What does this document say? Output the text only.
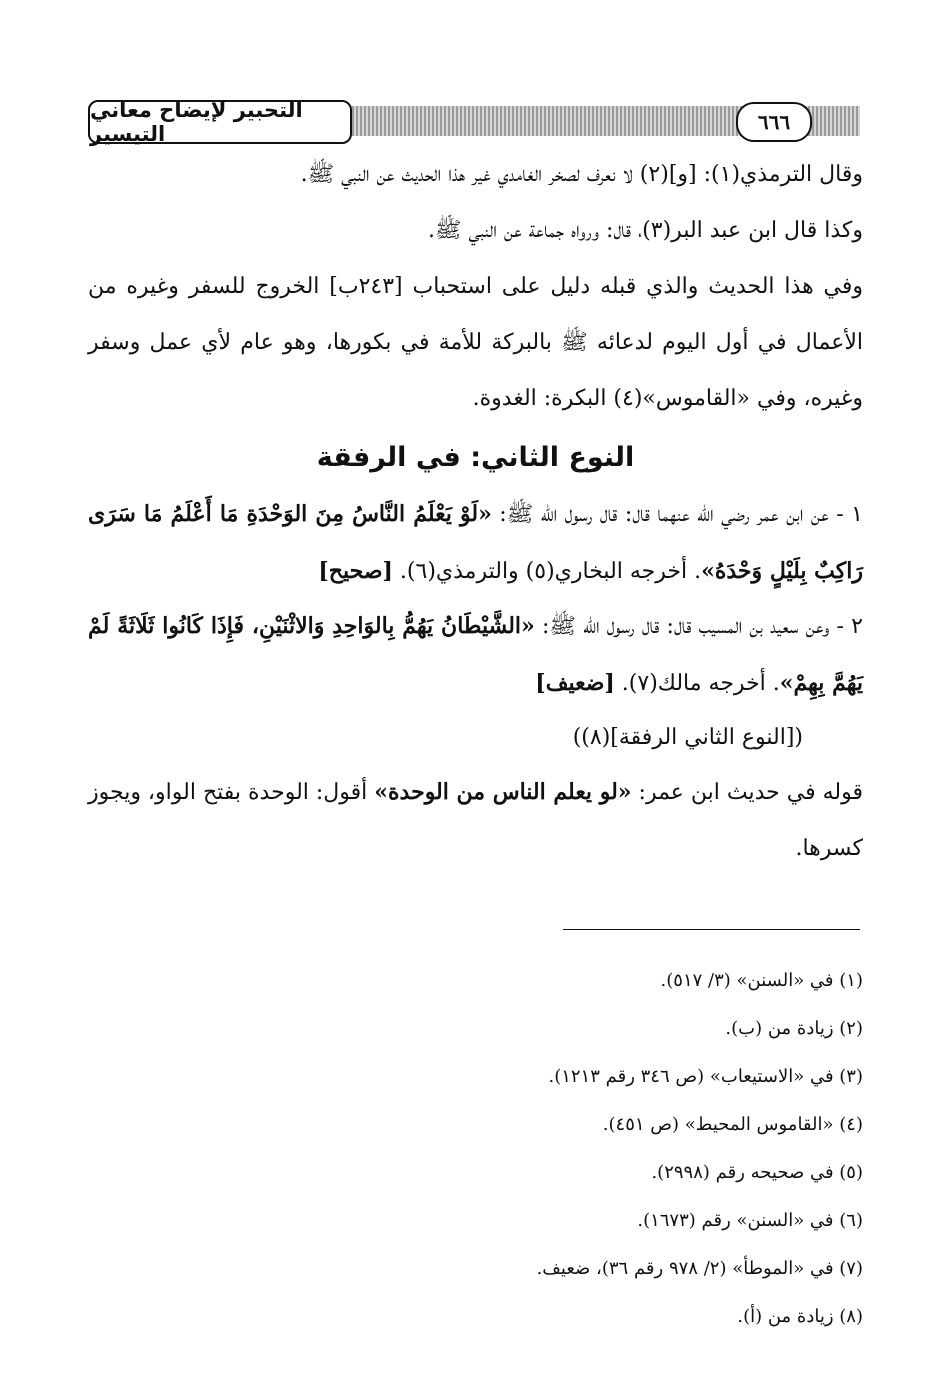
التحبير لإيضاح معاني التيسير	٦٦٦

وقال الترمذي(١): [و](٢) لا نعرف لصخر الغامدي غير هذا الحديث عن النبي ﷺ.

وكذا قال ابن عبد البر(٣)، قال: ورواه جماعة عن النبي ﷺ.

وفي هذا الحديث والذي قبله دليل على استحباب [٢٤٣ب] الخروج للسفر وغيره من الأعمال في أول اليوم لدعائه ﷺ بالبركة للأمة في بكورها، وهو عام لأي عمل وسفر وغيره، وفي «القاموس»(٤) البكرة: الغدوة.

النوع الثاني: في الرفقة

١ - عن ابن عمر رضي الله عنهما قال: قال رسول الله ﷺ: «لَوْ يَعْلَمُ النَّاسُ مِنَ الوَحْدَةِ مَا أَعْلَمُ مَا سَرَى رَاكِبٌ بِلَيْلٍ وَحْدَهُ». أخرجه البخاري(٥) والترمذي(٦). [صحيح]

٢ - وعن سعيد بن المسيب قال: قال رسول الله ﷺ: «الشَّيْطَانُ يَهُمُّ بِالوَاحِدِ وَالاثْنَيْنِ، فَإِذَا كَانُوا ثَلَاثَةً لَمْ يَهُمَّ بِهِمْ». أخرجه مالك(٧). [ضعيف]

([النوع الثاني الرفقة](٨))

قوله في حديث ابن عمر: «لو يعلم الناس من الوحدة» أقول: الوحدة بفتح الواو، ويجوز كسرها.

(١) في «السنن» (٣/ ٥١٧).
(٢) زيادة من (ب).
(٣) في «الاستيعاب» (ص ٣٤٦ رقم ١٢١٣).
(٤) «القاموس المحيط» (ص ٤٥١).
(٥) في صحيحه رقم (٢٩٩٨).
(٦) في «السنن» رقم (١٦٧٣).
(٧) في «الموطأ» (٢/ ٩٧٨ رقم ٣٦)، ضعيف.
(٨) زيادة من (أ).
